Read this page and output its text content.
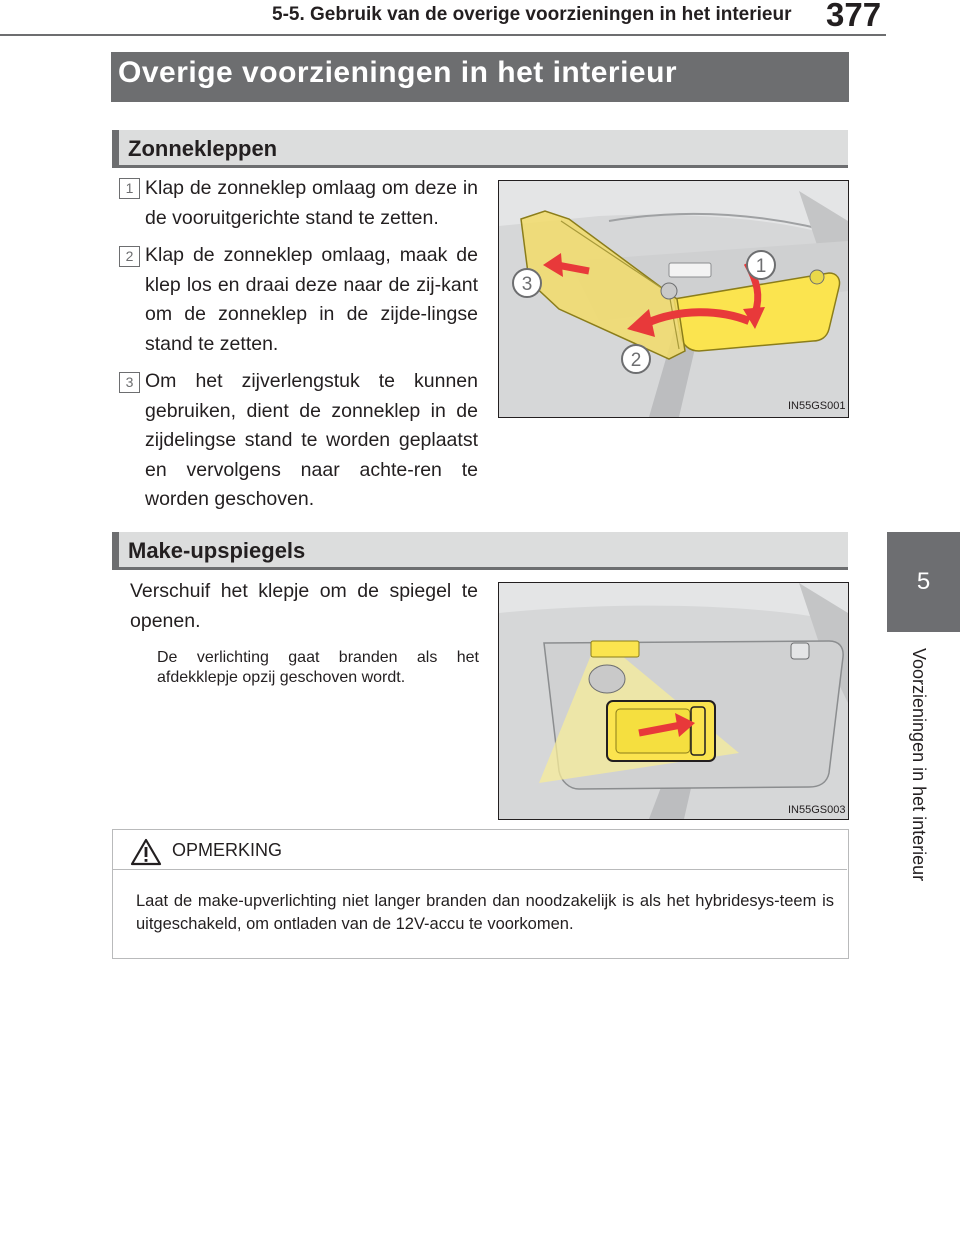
5-5. Gebruik van de overige voorzieningen in het interieur 377
5
Voorzieningen in het interieur
Overige voorzieningen in het interieur
Zonnekleppen
1 Klap de zonneklep omlaag om deze in de vooruitgerichte stand te zetten.
2 Klap de zonneklep omlaag, maak de klep los en draai deze naar de zij-kant om de zonneklep in de zijde-lingse stand te zetten.
3 Om het zijverlengstuk te kunnen gebruiken, dient de zonneklep in de zijdelingse stand te worden geplaatst en vervolgens naar achte-ren te worden geschoven.
1
2
3
IN55GS001
Make-upspiegels
Verschuif het klepje om de spiegel te openen.
De verlichting gaat branden als het afdekklepje opzij geschoven wordt.
IN55GS003
OPMERKING
Laat de make-upverlichting niet langer branden dan noodzakelijk is als het hybridesys-teem is uitgeschakeld, om ontladen van de 12V-accu te voorkomen.
